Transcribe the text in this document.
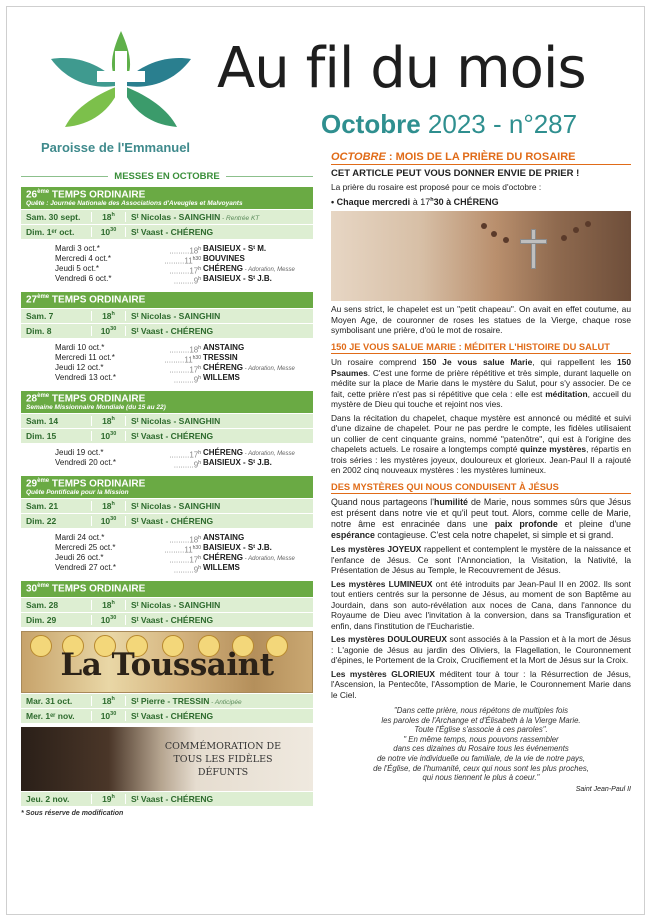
Paroisse de l'Emmanuel
Au fil du mois
Octobre 2023 - n°287
MESSES EN OCTOBRE
26ème TEMPS ORDINAIRE
Quête : Journée Nationale des Associations d'Aveugles et Malvoyants
Sam. 30 sept.	18$^h$	Sᵗ Nicolas - SAINGHIN - Rentrée KT
Dim. 1ᵉʳ oct.	$10^{30}$	Sᵗ Vaast - CHÉRENG
Mardi 3 oct.*	.........18$^h$ BAISIEUX - Sᵗ M.
Mercredi 4 oct.*	$.........11^{h30}$ BOUVINES
Jeudi 5 oct.*	.........17$^h$ CHÉRENG - Adoration, Messe
Vendredi 6 oct.*	.........9$^h$ BAISIEUX - Sᵗ J.B.
27ème TEMPS ORDINAIRE
Sam. 7	18$^h$	Sᵗ Nicolas - SAINGHIN
Dim. 8	$10^{30}$	Sᵗ Vaast - CHÉRENG
Mardi 10 oct.*	.........18$^h$ ANSTAING
Mercredi 11 oct.*	$.........11^{h30}$ TRESSIN
Jeudi 12 oct.*	.........17$^h$ CHÉRENG - Adoration, Messe
Vendredi 13 oct.*	.........9$^h$ WILLEMS
28ème TEMPS ORDINAIRE
Semaine Missionnaire Mondiale (du 15 au 22)
Sam. 14	18$^h$	Sᵗ Nicolas - SAINGHIN
Dim. 15	$10^{30}$	Sᵗ Vaast - CHÉRENG
Jeudi 19 oct.*	.........17$^h$ CHÉRENG - Adoration, Messe
Vendredi 20 oct.*	.........9$^h$ BAISIEUX - Sᵗ J.B.
29ème TEMPS ORDINAIRE
Quête Pontificale pour la Mission
Sam. 21	18$^h$	Sᵗ Nicolas - SAINGHIN
Dim. 22	$10^{30}$	Sᵗ Vaast - CHÉRENG
Mardi 24 oct.*	.........18$^h$ ANSTAING
Mercredi 25 oct.*	$.........11^{h30}$ BAISIEUX - Sᵗ J.B.
Jeudi 26 oct.*	.........17$^h$ CHÉRENG - Adoration, Messe
Vendredi 27 oct.*	.........9$^h$ WILLEMS
30ème TEMPS ORDINAIRE
Sam. 28	18$^h$	Sᵗ Nicolas - SAINGHIN
Dim. 29	$10^{30}$	Sᵗ Vaast - CHÉRENG
La Toussaint
Mar. 31 oct.	18$^h$	Sᵗ Pierre - TRESSIN - Anticipée
Mer. 1ᵉʳ nov.	$10^{30}$	Sᵗ Vaast - CHÉRENG
COMMÉMORATION DE
TOUS LES FIDÈLES
DÉFUNTS
Jeu. 2 nov.	19$^h$	Sᵗ Vaast - CHÉRENG
* Sous réserve de modification
OCTOBRE : MOIS DE LA PRIÈRE DU ROSAIRE
CET ARTICLE PEUT VOUS DONNER ENVIE DE PRIER !
La prière du rosaire est proposé pour ce mois d'octobre :
• Chaque mercredi à 17$^h$30 à CHÉRENG
Au sens strict, le chapelet est un "petit chapeau". On avait en effet coutume, au Moyen Age, de couronner de roses les statues de la Vierge, chaque rose symbolisant une prière, d'où le mot de rosaire.
150 JE VOUS SALUE MARIE : MÉDITER L'HISTOIRE DU SALUT
Un rosaire comprend 150 Je vous salue Marie, qui rappellent les 150 Psaumes. C'est une forme de prière répétitive et très simple, durant laquelle on médite sur la place de Marie dans le mystère du Salut, pour s'y associer. De ce fait, cette prière n'est pas si répétitive que cela : elle est méditation, accueil du mystère de Dieu qui touche et rejoint nos vies.
Dans la récitation du chapelet, chaque mystère est annoncé ou médité et suivi d'une dizaine de chapelet. Pour ne pas perdre le compte, les fidèles utilisaient un collier de cent cinquante grains, nommé "patenôtre", qui est à l'origine des chapelets actuels. Le rosaire a longtemps compté quinze mystères, répartis en trois séries : les mystères joyeux, douloureux et glorieux. Jean-Paul II a rajouté en 2002 cinq nouveaux mystères : les mystères lumineux.
DES MYSTÈRES QUI NOUS CONDUISENT À JÉSUS
Quand nous partageons l'humilité de Marie, nous sommes sûrs que Jésus est présent dans notre vie et qu'il peut tout. Alors, comme celle de Marie, notre âme est enracinée dans une paix profonde et pleine d'une espérance contagieuse. C'est cela notre chapelet, si simple et si grand.
Les mystères JOYEUX rappellent et contemplent le mystère de la naissance et l'enfance de Jésus. Ce sont l'Annonciation, la Visitation, la Nativité, la Présentation de Jésus au Temple, le Recouvrement de Jésus.
Les mystères LUMINEUX ont été introduits par Jean-Paul II en 2002. Ils sont tout entiers centrés sur la personne de Jésus, au moment de son Baptême au Jourdain, dans son auto-révélation aux noces de Cana, dans l'annonce du Royaume de Dieu avec l'invitation à la conversion, dans sa Transfiguration et enfin, dans l'institution de l'Eucharistie.
Les mystères DOULOUREUX sont associés à la Passion et à la mort de Jésus : L'agonie de Jésus au jardin des Oliviers, la Flagellation, le Couronnement d'épines, le Portement de la Croix, Crucifiement et la Mort de Jésus sur la Croix.
Les mystères GLORIEUX méditent tour à tour : la Résurrection de Jésus, l'Ascension, la Pentecôte, l'Assomption de Marie, le Couronnement Marie dans le Ciel.
"Dans cette prière, nous répétons de multiples fois
les paroles de l'Archange et d'Élisabeth à la Vierge Marie.
Toute l'Église s'associe à ces paroles".
" En même temps, nous pouvons rassembler
dans ces dizaines du Rosaire tous les événements
de notre vie individuelle ou familiale, de la vie de notre pays,
de l'Église, de l'humanité, ceux qui nous sont les plus proches,
qui nous tiennent le plus à coeur."
Saint Jean-Paul II
